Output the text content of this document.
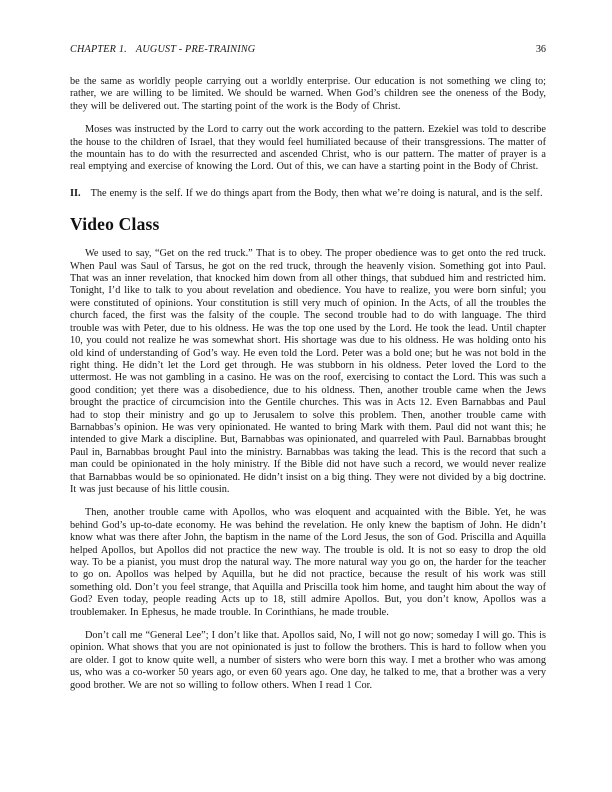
CHAPTER 1. AUGUST - PRE-TRAINING	36

be the same as worldly people carrying out a worldly enterprise. Our education is not something we cling to; rather, we are willing to be limited. We should be warned. When God’s children see the oneness of the Body, they will be delivered out. The starting point of the work is the Body of Christ.

Moses was instructed by the Lord to carry out the work according to the pattern. Ezekiel was told to describe the house to the children of Israel, that they would feel humiliated because of their transgressions. The matter of the mountain has to do with the resurrected and ascended Christ, who is our pattern. The matter of prayer is a real emptying and exercise of knowing the Lord. Out of this, we can have a starting point in the Body of Christ.

II. The enemy is the self. If we do things apart from the Body, then what we’re doing is natural, and is the self.

Video Class

We used to say, “Get on the red truck.” That is to obey. The proper obedience was to get onto the red truck. When Paul was Saul of Tarsus, he got on the red truck, through the heavenly vision. Something got into Paul. That was an inner revelation, that knocked him down from all other things, that subdued him and restricted him. Tonight, I’d like to talk to you about revelation and obedience. You have to realize, you were born sinful; you were constituted of opinions. Your constitution is still very much of opinion. In the Acts, of all the troubles the church faced, the first was the falsity of the couple. The second trouble had to do with language. The third trouble was with Peter, due to his oldness. He was the top one used by the Lord. He took the lead. Until chapter 10, you could not realize he was somewhat short. His shortage was due to his oldness. He was holding onto his old kind of understanding of God’s way. He even told the Lord. Peter was a bold one; but he was not bold in the right thing. He didn’t let the Lord get through. He was stubborn in his oldness. Peter loved the Lord to the uttermost. He was not gambling in a casino. He was on the roof, exercising to contact the Lord. This was such a good condition; yet there was a disobedience, due to his oldness. Then, another trouble came when the Jews brought the practice of circumcision into the Gentile churches. This was in Acts 12. Even Barnabbas and Paul had to stop their ministry and go up to Jerusalem to solve this problem. Then, another trouble came with Barnabbas’s opinion. He was very opinionated. He wanted to bring Mark with them. Paul did not want this; he intended to give Mark a discipline. But, Barnabbas was opinionated, and quarreled with Paul. Barnabbas brought Paul in, Barnabbas brought Paul into the ministry. Barnabbas was taking the lead. This is the record that such a man could be opinionated in the holy ministry. If the Bible did not have such a record, we would never realize that Barnabbas would be so opinionated. He didn’t insist on a big thing. They were not divided by a big doctrine. It was just because of his little cousin.

Then, another trouble came with Apollos, who was eloquent and acquainted with the Bible. Yet, he was behind God’s up-to-date economy. He was behind the revelation. He only knew the baptism of John. He didn’t know what was there after John, the baptism in the name of the Lord Jesus, the son of God. Priscilla and Aquilla helped Apollos, but Apollos did not practice the new way. The trouble is old. It is not so easy to drop the old way. To be a pianist, you must drop the natural way. The more natural way you go on, the harder for the teacher to go on. Apollos was helped by Aquilla, but he did not practice, because the result of his work was still something old. Don’t you feel strange, that Aquilla and Priscilla took him home, and taught him about the way of God? Even today, people reading Acts up to 18, still admire Apollos. But, you don’t know, Apollos was a troublemaker. In Ephesus, he made trouble. In Corinthians, he made trouble.

Don’t call me “General Lee”; I don’t like that. Apollos said, No, I will not go now; someday I will go. This is opinion. What shows that you are not opinionated is just to follow the brothers. This is hard to follow when you are older. I got to know quite well, a number of sisters who were born this way. I met a brother who was among us, who was a co-worker 50 years ago, or even 60 years ago. One day, he talked to me, that a brother was a very good brother. We are not so willing to follow others. When I read 1 Cor.
